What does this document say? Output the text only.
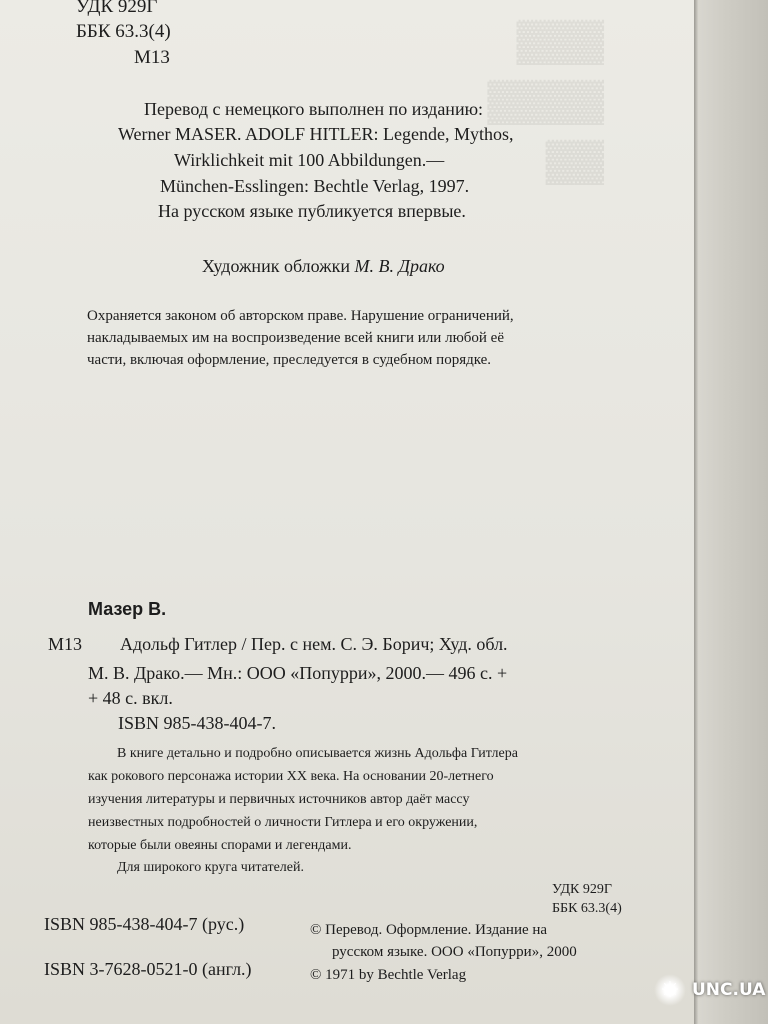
▓▓▓
▓▓▓▓
▓▓
УДК 929Г
ББК 63.3(4)
М13
Перевод с немецкого выполнен по изданию:
Werner MASER. ADOLF HITLER: Legende, Mythos,
Wirklichkeit mit 100 Abbildungen.—
München-Esslingen: Bechtle Verlag, 1997.
На русском языке публикуется впервые.
Художник обложки М. В. Драко
Охраняется законом об авторском праве. Нарушение ограничений,
накладываемых им на воспроизведение всей книги или любой её
части, включая оформление, преследуется в судебном порядке.
Мазер В.
М13 Адольф Гитлер / Пер. с нем. С. Э. Борич; Худ. обл.
М. В. Драко.— Мн.: ООО «Попурри», 2000.— 496 с. +
+ 48 с. вкл.
ISBN 985-438-404-7.
В книге детально и подробно описывается жизнь Адольфа Гитлера
как рокового персонажа истории XX века. На основании 20-летнего
изучения литературы и первичных источников автор даёт массу
неизвестных подробностей о личности Гитлера и его окружении,
которые были овеяны спорами и легендами.
Для широкого круга читателей.
УДК 929Г
ББК 63.3(4)
ISBN 985-438-404-7 (рус.)	© Перевод. Оформление. Издание на
русском языке. ООО «Попурри», 2000
ISBN 3-7628-0521-0 (англ.)	© 1971 by Bechtle Verlag
✳ UNC.UA
